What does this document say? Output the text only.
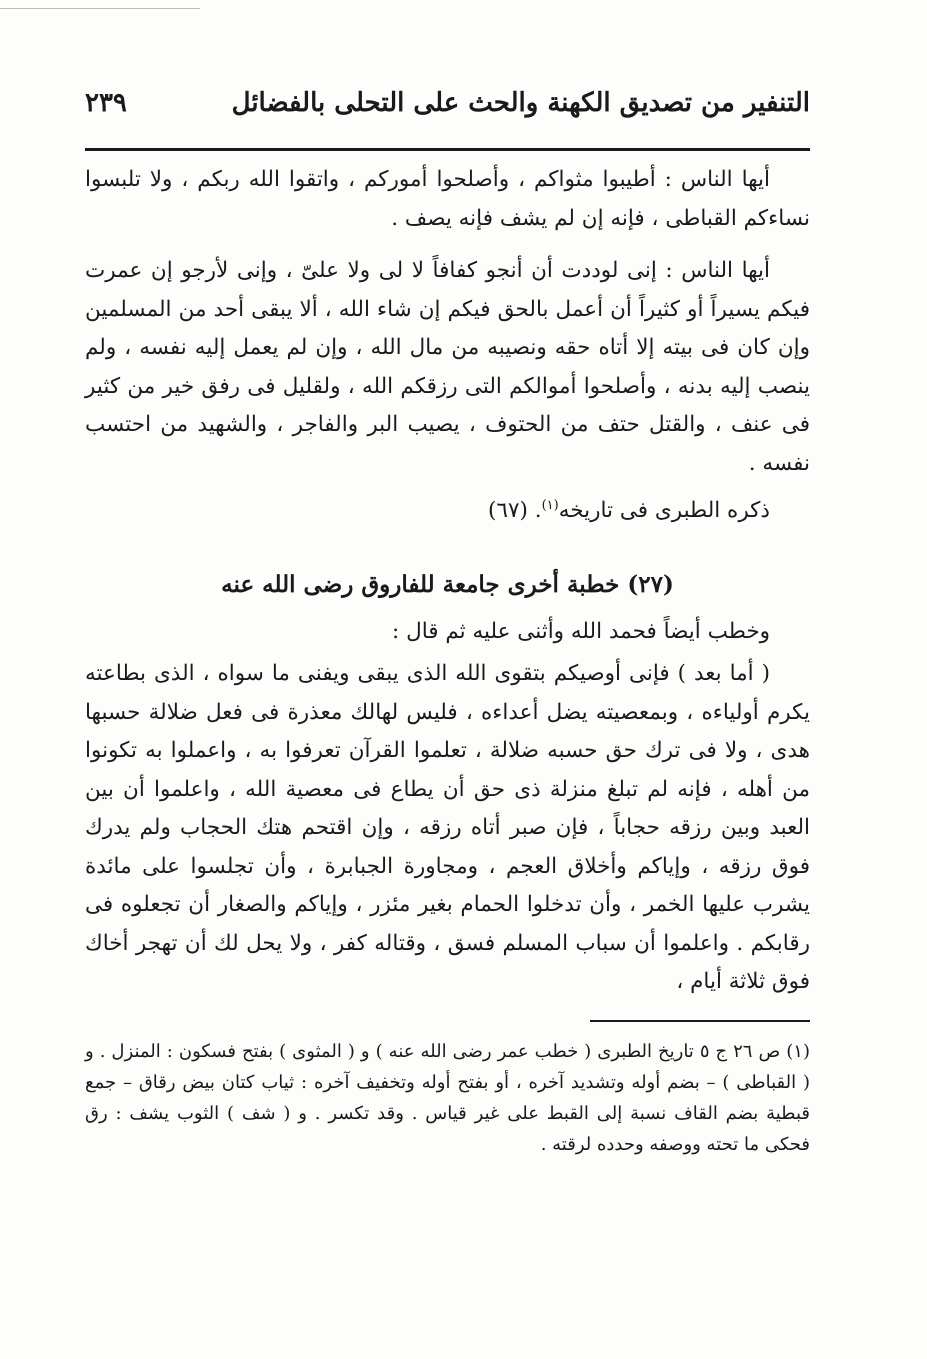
التنفير من تصديق الكهنة والحث على التحلى بالفضائل
٢٣٩

أيها الناس : أطيبوا مثواكم ، وأصلحوا أموركم ، واتقوا الله ربكم ، ولا تلبسوا نساءكم القباطى ، فإنه إن لم يشف فإنه يصف .

أيها الناس : إنى لوددت أن أنجو كفافاً لا لى ولا علىّ ، وإنى لأرجو إن عمرت فيكم يسيراً أو كثيراً أن أعمل بالحق فيكم إن شاء الله ، ألا يبقى أحد من المسلمين وإن كان فى بيته إلا أتاه حقه ونصيبه من مال الله ، وإن لم يعمل إليه نفسه ، ولم ينصب إليه بدنه ، وأصلحوا أموالكم التى رزقكم الله ، ولقليل فى رفق خير من كثير فى عنف ، والقتل حتف من الحتوف ، يصيب البر والفاجر ، والشهيد من احتسب نفسه .

ذكره الطبرى فى تاريخه$^{(١)}$. (٦٧)

(٢٧) خطبة أخرى جامعة للفاروق رضى الله عنه

وخطب أيضاً فحمد الله وأثنى عليه ثم قال :

( أما بعد ) فإنى أوصيكم بتقوى الله الذى يبقى ويفنى ما سواه ، الذى بطاعته يكرم أولياءه ، وبمعصيته يضل أعداءه ، فليس لهالك معذرة فى فعل ضلالة حسبها هدى ، ولا فى ترك حق حسبه ضلالة ، تعلموا القرآن تعرفوا به ، واعملوا به تكونوا من أهله ، فإنه لم تبلغ منزلة ذى حق أن يطاع فى معصية الله ، واعلموا أن بين العبد وبين رزقه حجاباً ، فإن صبر أتاه رزقه ، وإن اقتحم هتك الحجاب ولم يدرك فوق رزقه ، وإياكم وأخلاق العجم ، ومجاورة الجبابرة ، وأن تجلسوا على مائدة يشرب عليها الخمر ، وأن تدخلوا الحمام بغير مئزر ، وإياكم والصغار أن تجعلوه فى رقابكم . واعلموا أن سباب المسلم فسق ، وقتاله كفر ، ولا يحل لك أن تهجر أخاك فوق ثلاثة أيام ،

(١) ص ٢٦ ج ٥ تاريخ الطبرى ( خطب عمر رضى الله عنه ) و ( المثوى ) بفتح فسكون : المنزل . و ( القباطى ) – بضم أوله وتشديد آخره ، أو بفتح أوله وتخفيف آخره : ثياب كتان بيض رقاق – جمع قبطية بضم القاف نسبة إلى القبط على غير قياس . وقد تكسر . و ( شف ) الثوب يشف : رق فحكى ما تحته ووصفه وحدده لرقته .
